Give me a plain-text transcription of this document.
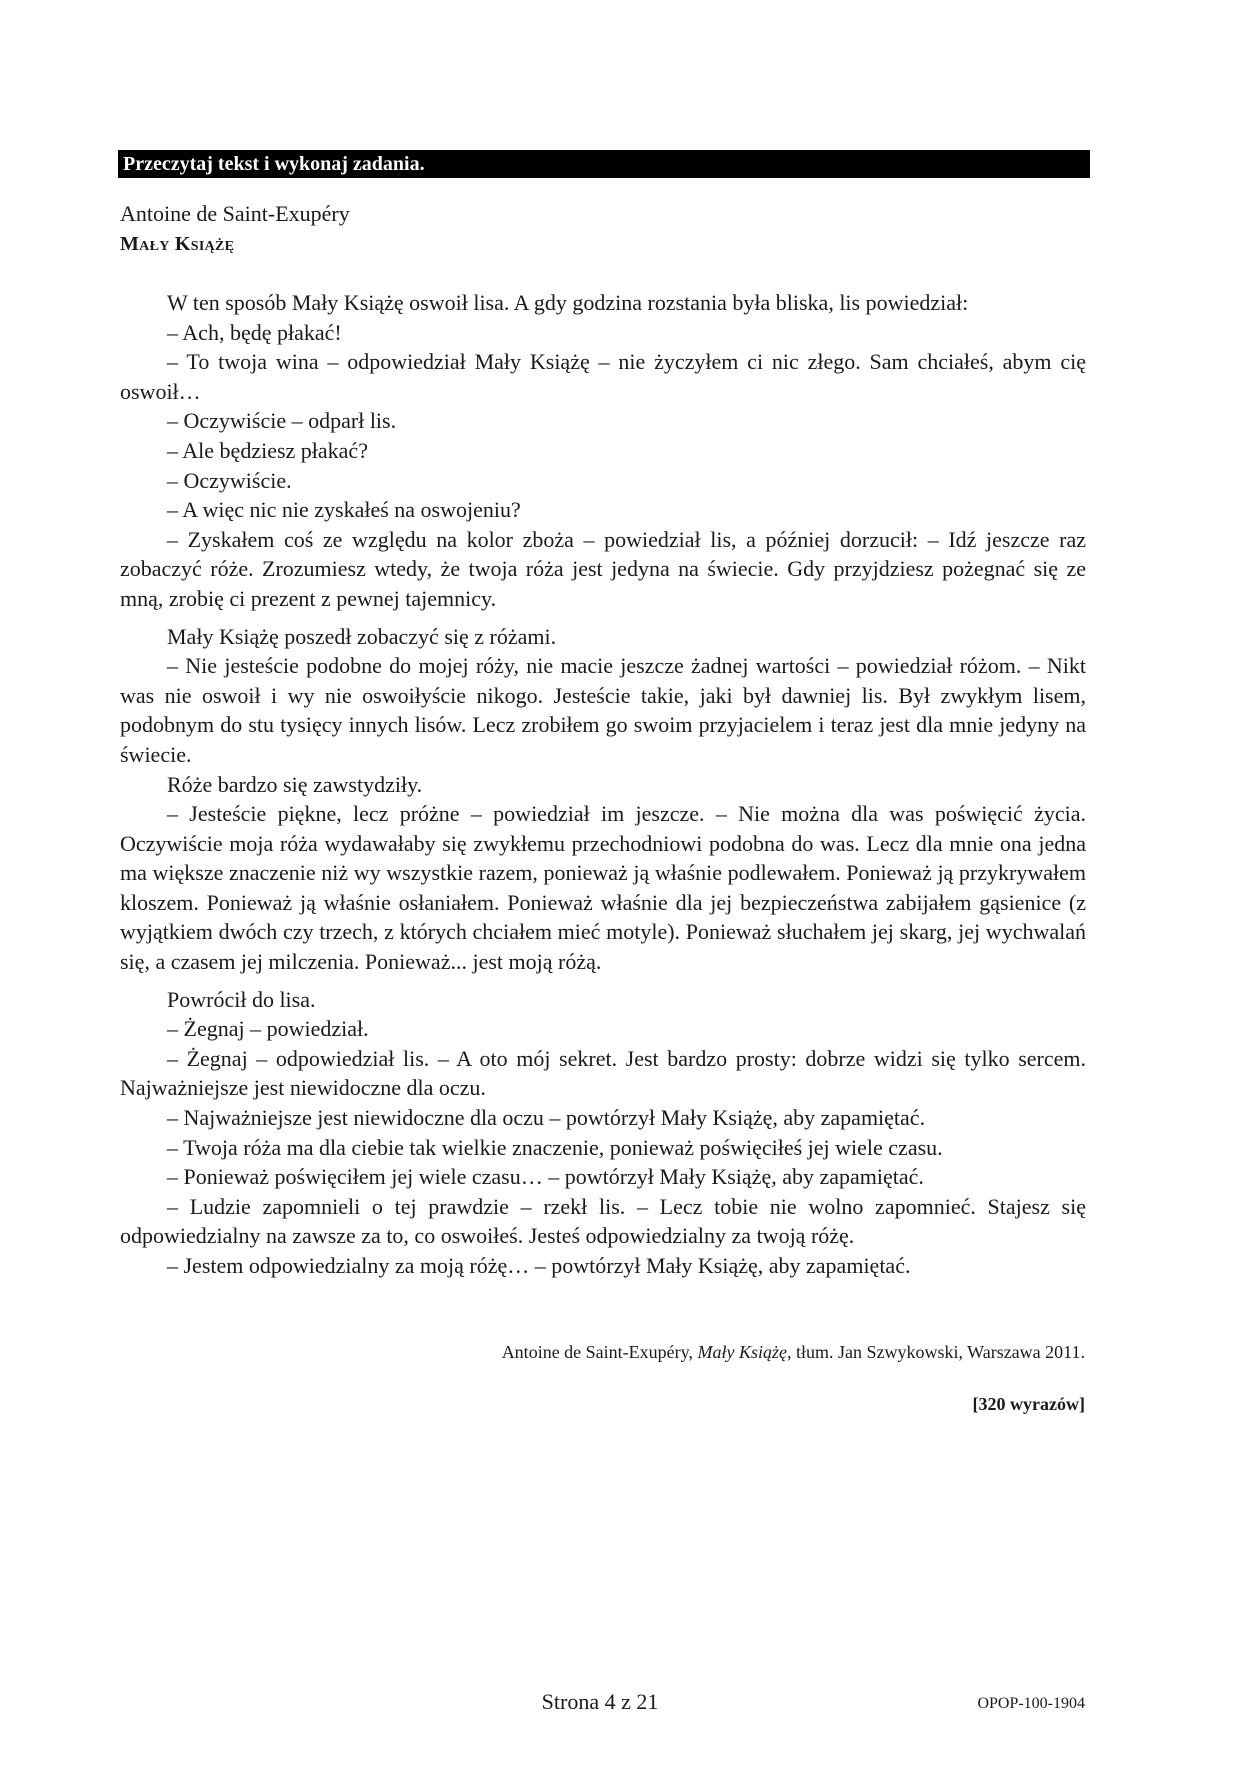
Przeczytaj tekst i wykonaj zadania.
Antoine de Saint-Exupéry
Mały Książę

W ten sposób Mały Książę oswoił lisa. A gdy godzina rozstania była bliska, lis powiedział:

– Ach, będę płakać!

– To twoja wina – odpowiedział Mały Książę – nie życzyłem ci nic złego. Sam chciałeś, abym cię oswoił…

– Oczywiście – odparł lis.

– Ale będziesz płakać?

– Oczywiście.

– A więc nic nie zyskałeś na oswojeniu?

– Zyskałem coś ze względu na kolor zboża – powiedział lis, a później dorzucił: – Idź jeszcze raz zobaczyć róże. Zrozumiesz wtedy, że twoja róża jest jedyna na świecie. Gdy przyjdziesz pożegnać się ze mną, zrobię ci prezent z pewnej tajemnicy.

Mały Książę poszedł zobaczyć się z różami.

– Nie jesteście podobne do mojej róży, nie macie jeszcze żadnej wartości – powiedział różom. – Nikt was nie oswoił i wy nie oswoiłyście nikogo. Jesteście takie, jaki był dawniej lis. Był zwykłym lisem, podobnym do stu tysięcy innych lisów. Lecz zrobiłem go swoim przyjacielem i teraz jest dla mnie jedyny na świecie.

Róże bardzo się zawstydziły.

– Jesteście piękne, lecz próżne – powiedział im jeszcze. – Nie można dla was poświęcić życia. Oczywiście moja róża wydawałaby się zwykłemu przechodniowi podobna do was. Lecz dla mnie ona jedna ma większe znaczenie niż wy wszystkie razem, ponieważ ją właśnie podlewałem. Ponieważ ją przykrywałem kloszem. Ponieważ ją właśnie osłaniałem. Ponieważ właśnie dla jej bezpieczeństwa zabijałem gąsienice (z wyjątkiem dwóch czy trzech, z których chciałem mieć motyle). Ponieważ słuchałem jej skarg, jej wychwalań się, a czasem jej milczenia. Ponieważ... jest moją różą.

Powrócił do lisa.

– Żegnaj – powiedział.

– Żegnaj – odpowiedział lis. – A oto mój sekret. Jest bardzo prosty: dobrze widzi się tylko sercem. Najważniejsze jest niewidoczne dla oczu.

– Najważniejsze jest niewidoczne dla oczu – powtórzył Mały Książę, aby zapamiętać.

– Twoja róża ma dla ciebie tak wielkie znaczenie, ponieważ poświęciłeś jej wiele czasu.

– Ponieważ poświęciłem jej wiele czasu… – powtórzył Mały Książę, aby zapamiętać.

– Ludzie zapomnieli o tej prawdzie – rzekł lis. – Lecz tobie nie wolno zapomnieć. Stajesz się odpowiedzialny na zawsze za to, co oswoiłeś. Jesteś odpowiedzialny za twoją różę.

– Jestem odpowiedzialny za moją różę… – powtórzył Mały Książę, aby zapamiętać.

Antoine de Saint-Exupéry, Mały Książę, tłum. Jan Szwykowski, Warszawa 2011.
[320 wyrazów]
Strona 4 z 21	OPOP-100-1904
